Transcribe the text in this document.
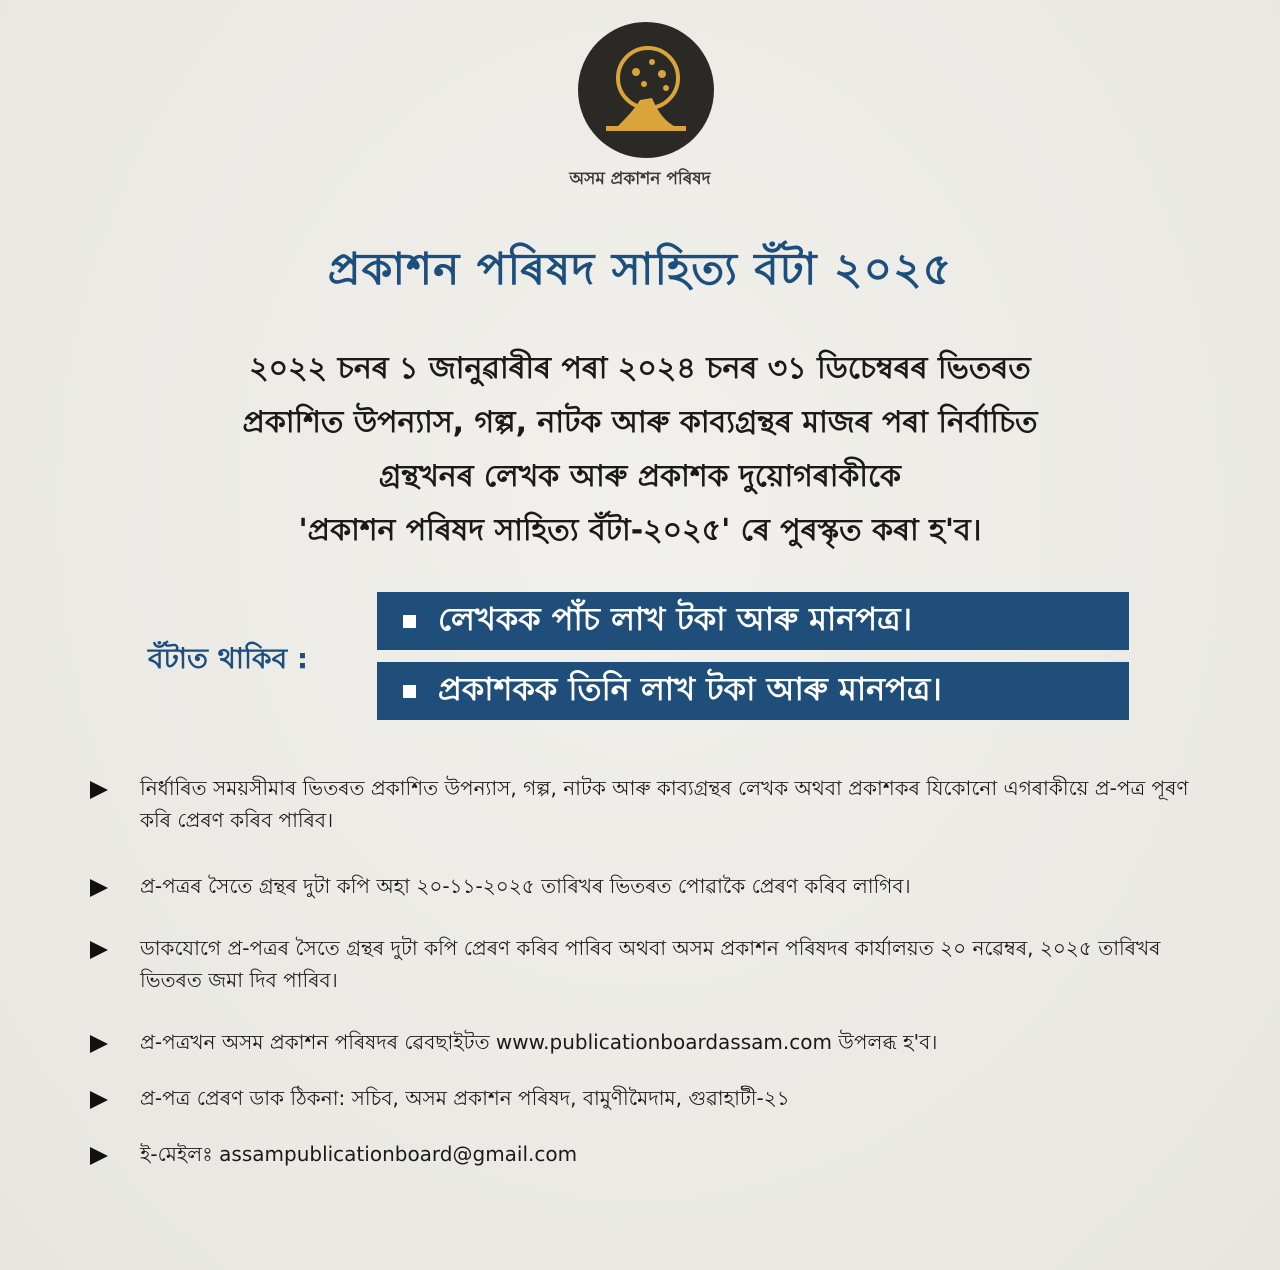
অসম প্ৰকাশন পৰিষদ
প্ৰকাশন পৰিষদ সাহিত্য বঁটা ২০২৫
২০২২ চনৰ ১ জানুৱাৰীৰ পৰা ২০২৪ চনৰ ৩১ ডিচেম্বৰৰ ভিতৰত
প্ৰকাশিত উপন্যাস, গল্প, নাটক আৰু কাব্যগ্ৰন্থৰ মাজৰ পৰা নিৰ্বাচিত
গ্ৰন্থখনৰ লেখক আৰু প্ৰকাশক দুয়োগৰাকীকে
'প্ৰকাশন পৰিষদ সাহিত্য বঁটা-২০২৫' ৰে পুৰস্কৃত কৰা হ'ব।
বঁটাত থাকিব :
লেখকক পাঁচ লাখ টকা আৰু মানপত্ৰ।
প্ৰকাশকক তিনি লাখ টকা আৰু মানপত্ৰ।
নিৰ্ধাৰিত সময়সীমাৰ ভিতৰত প্ৰকাশিত উপন্যাস, গল্প, নাটক আৰু কাব্যগ্ৰন্থৰ লেখক অথবা প্ৰকাশকৰ যিকোনো এগৰাকীয়ে প্ৰ-পত্ৰ পূৰণ কৰি প্ৰেৰণ কৰিব পাৰিব।
প্ৰ-পত্ৰৰ সৈতে গ্ৰন্থৰ দুটা কপি অহা ২০-১১-২০২৫ তাৰিখৰ ভিতৰত পোৱাকৈ প্ৰেৰণ কৰিব লাগিব।
ডাকযোগে প্ৰ-পত্ৰৰ সৈতে গ্ৰন্থৰ দুটা কপি প্ৰেৰণ কৰিব পাৰিব অথবা অসম প্ৰকাশন পৰিষদৰ কাৰ্যালয়ত ২০ নৱেম্বৰ, ২০২৫ তাৰিখৰ ভিতৰত জমা দিব পাৰিব।
প্ৰ-পত্ৰখন অসম প্ৰকাশন পৰিষদৰ ৱেবছাইটত www.publicationboardassam.com উপলব্ধ হ'ব।
প্ৰ-পত্ৰ প্ৰেৰণ ডাক ঠিকনা: সচিব, অসম প্ৰকাশন পৰিষদ, বামুণীমৈদাম, গুৱাহাটী-২১
ই-মেইলঃ assampublicationboard@gmail.com
